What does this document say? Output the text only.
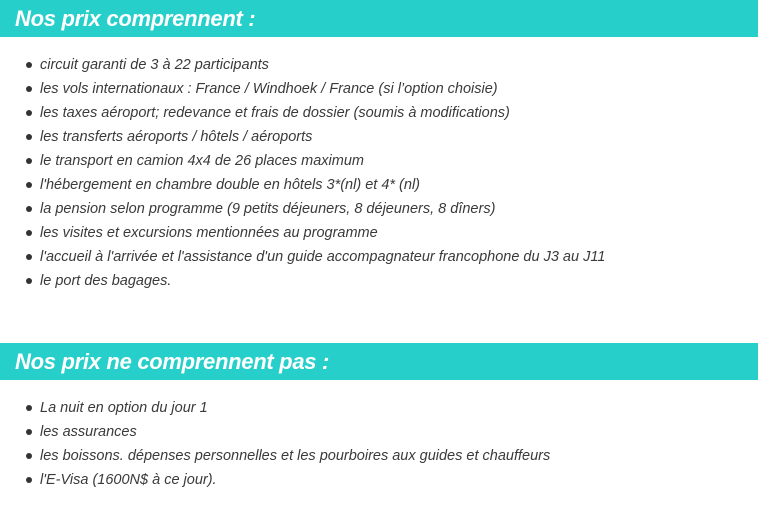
Nos prix comprennent :
circuit garanti de 3 à 22 participants
les vols internationaux : France / Windhoek / France (si l’option choisie)
les taxes aéroport; redevance et frais de dossier (soumis à modifications)
les transferts aéroports / hôtels / aéroports
le transport en camion 4x4 de 26 places maximum
l'hébergement en chambre double en hôtels 3*(nl) et 4* (nl)
la pension selon programme (9 petits déjeuners, 8 déjeuners, 8 dîners)
les visites et excursions mentionnées au programme
l'accueil à l'arrivée et l'assistance d'un guide accompagnateur francophone du J3 au J11
le port des bagages.
Nos prix ne comprennent pas :
La nuit en option du jour 1
les assurances
les boissons. dépenses personnelles et les pourboires aux guides et chauffeurs
l'E-Visa (1600N$ à ce jour).
